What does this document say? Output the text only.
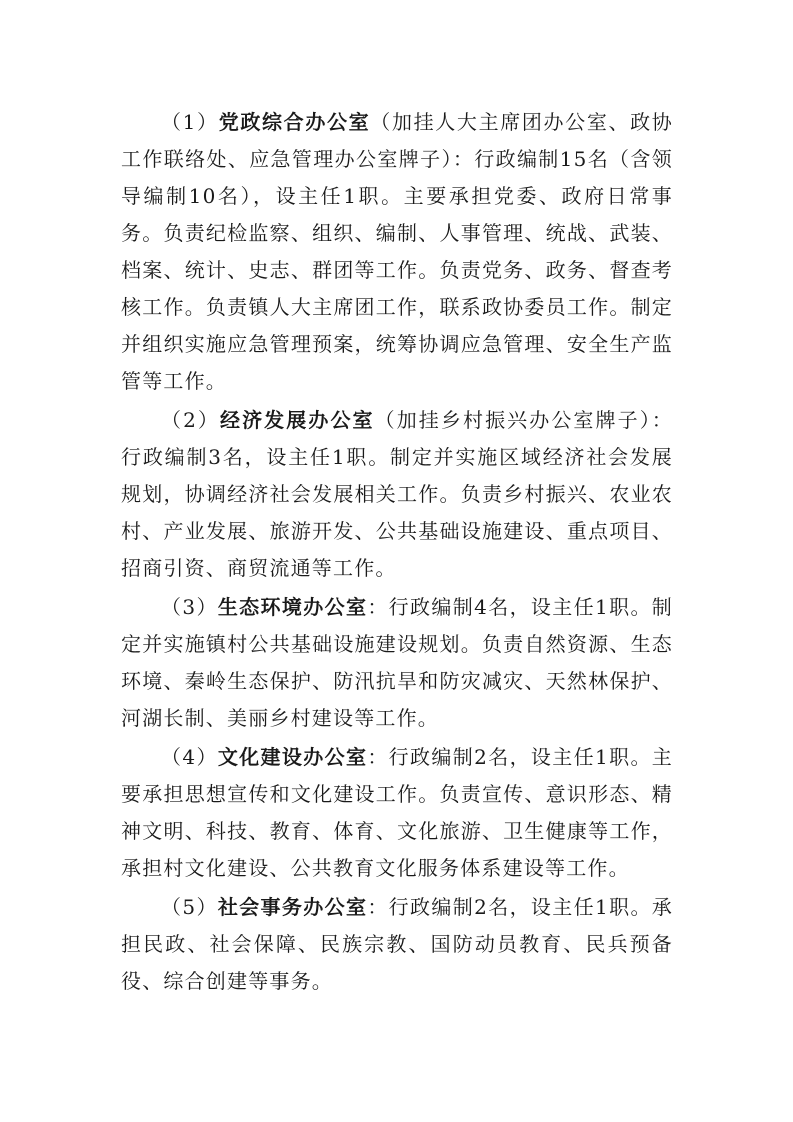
（1）党政综合办公室（加挂人大主席团办公室、政协工作联络处、应急管理办公室牌子）：行政编制15名（含领导编制10名），设主任1职。主要承担党委、政府日常事务。负责纪检监察、组织、编制、人事管理、统战、武装、档案、统计、史志、群团等工作。负责党务、政务、督查考核工作。负责镇人大主席团工作，联系政协委员工作。制定并组织实施应急管理预案，统筹协调应急管理、安全生产监管等工作。

（2）经济发展办公室（加挂乡村振兴办公室牌子）：行政编制3名，设主任1职。制定并实施区域经济社会发展规划，协调经济社会发展相关工作。负责乡村振兴、农业农村、产业发展、旅游开发、公共基础设施建设、重点项目、招商引资、商贸流通等工作。

（3）生态环境办公室：行政编制4名，设主任1职。制定并实施镇村公共基础设施建设规划。负责自然资源、生态环境、秦岭生态保护、防汛抗旱和防灾减灾、天然林保护、河湖长制、美丽乡村建设等工作。

（4）文化建设办公室：行政编制2名，设主任1职。主要承担思想宣传和文化建设工作。负责宣传、意识形态、精神文明、科技、教育、体育、文化旅游、卫生健康等工作，承担村文化建设、公共教育文化服务体系建设等工作。

（5）社会事务办公室：行政编制2名，设主任1职。承担民政、社会保障、民族宗教、国防动员教育、民兵预备役、综合创建等事务。
